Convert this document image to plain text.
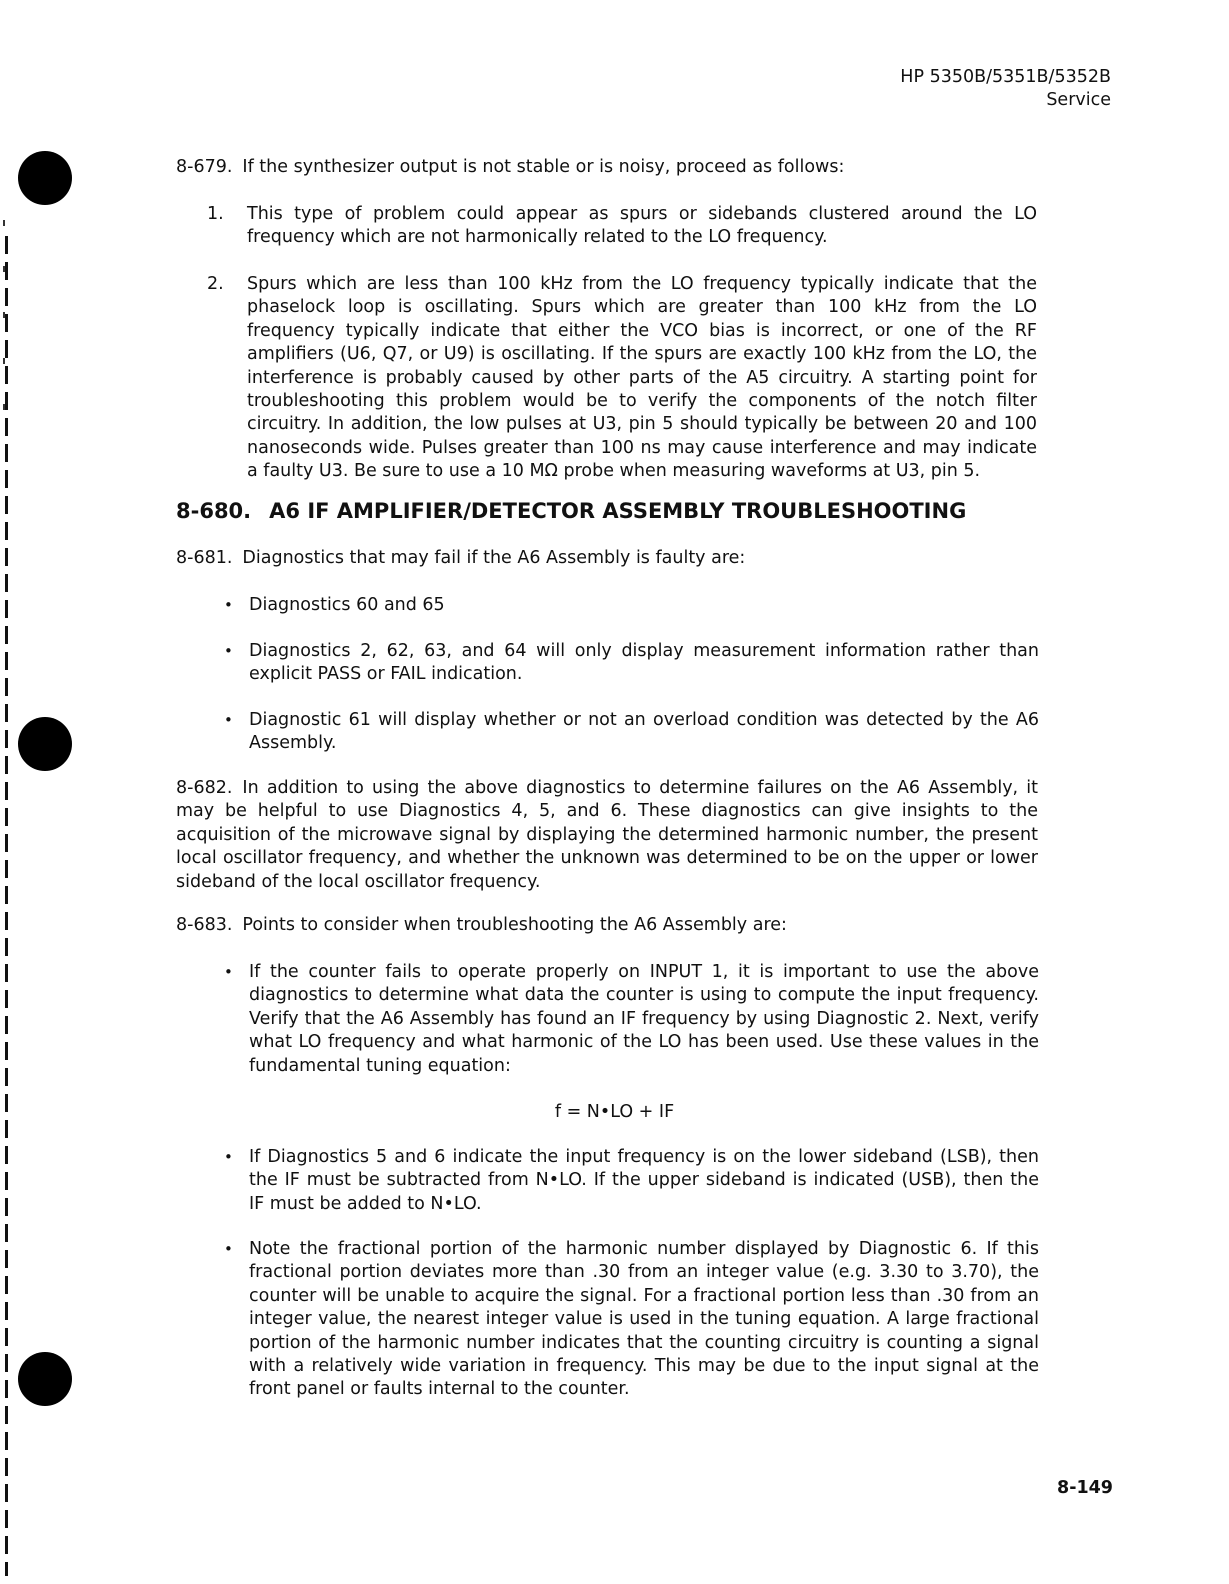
HP 5350B/5351B/5352B
Service

8-679. If the synthesizer output is not stable or is noisy, proceed as follows:

1. This type of problem could appear as spurs or sidebands clustered around the LO frequency which are not harmonically related to the LO frequency.
2. Spurs which are less than 100 kHz from the LO frequency typically indicate that the phaselock loop is oscillating. Spurs which are greater than 100 kHz from the LO frequency typically indicate that either the VCO bias is incorrect, or one of the RF amplifiers (U6, Q7, or U9) is oscillating. If the spurs are exactly 100 kHz from the LO, the interference is probably caused by other parts of the A5 circuitry. A starting point for troubleshooting this problem would be to verify the components of the notch filter circuitry. In addition, the low pulses at U3, pin 5 should typically be between 20 and 100 nanoseconds wide. Pulses greater than 100 ns may cause interference and may indicate a faulty U3. Be sure to use a 10 MΩ probe when measuring waveforms at U3, pin 5.
8-680. A6 IF AMPLIFIER/DETECTOR ASSEMBLY TROUBLESHOOTING

8-681. Diagnostics that may fail if the A6 Assembly is faulty are:

• Diagnostics 60 and 65
• Diagnostics 2, 62, 63, and 64 will only display measurement information rather than explicit PASS or FAIL indication.
• Diagnostic 61 will display whether or not an overload condition was detected by the A6 Assembly.

8-682. In addition to using the above diagnostics to determine failures on the A6 Assembly, it may be helpful to use Diagnostics 4, 5, and 6. These diagnostics can give insights to the acquisition of the microwave signal by displaying the determined harmonic number, the present local oscillator frequency, and whether the unknown was determined to be on the upper or lower sideband of the local oscillator frequency.

8-683. Points to consider when troubleshooting the A6 Assembly are:

• If the counter fails to operate properly on INPUT 1, it is important to use the above diagnostics to determine what data the counter is using to compute the input frequency. Verify that the A6 Assembly has found an IF frequency by using Diagnostic 2. Next, verify what LO frequency and what harmonic of the LO has been used. Use these values in the fundamental tuning equation:
f = N•LO + IF
• If Diagnostics 5 and 6 indicate the input frequency is on the lower sideband (LSB), then the IF must be subtracted from N•LO. If the upper sideband is indicated (USB), then the IF must be added to N•LO.
• Note the fractional portion of the harmonic number displayed by Diagnostic 6. If this fractional portion deviates more than .30 from an integer value (e.g. 3.30 to 3.70), the counter will be unable to acquire the signal. For a fractional portion less than .30 from an integer value, the nearest integer value is used in the tuning equation. A large fractional portion of the harmonic number indicates that the counting circuitry is counting a signal with a relatively wide variation in frequency. This may be due to the input signal at the front panel or faults internal to the counter.
8-149
